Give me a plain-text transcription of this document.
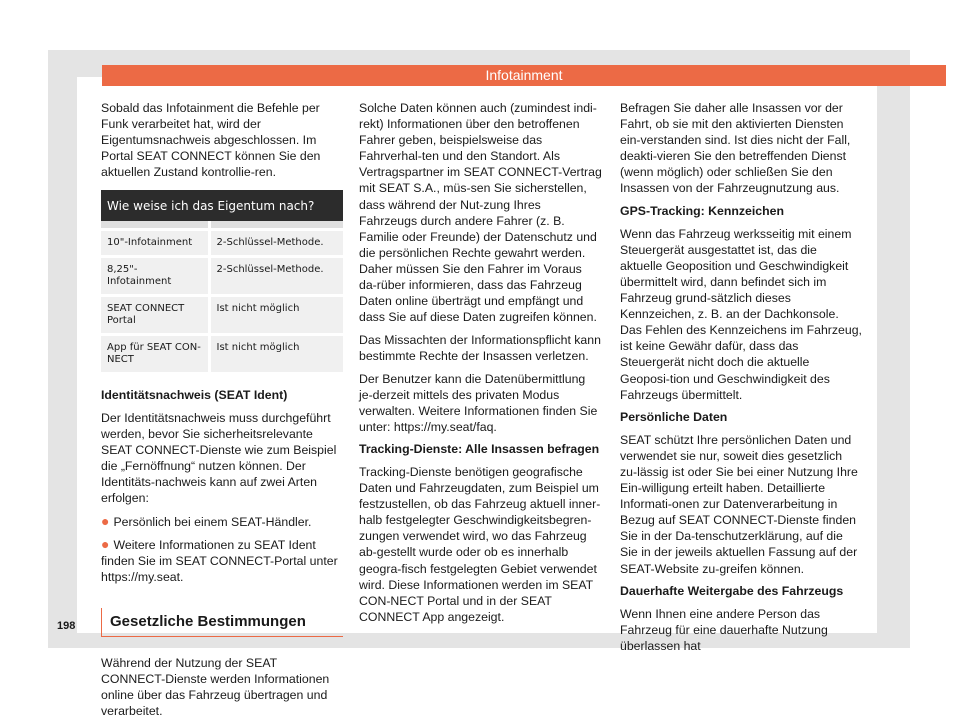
Infotainment

Sobald das Infotainment die Befehle per Funk verarbeitet hat, wird der Eigentumsnachweis abgeschlossen. Im Portal SEAT CONNECT können Sie den aktuellen Zustand kontrollie-ren.

Wie weise ich das Eigentum nach?	

10"-Infotainment	2-Schlüssel-Methode.
8,25"-Infotainment	2-Schlüssel-Methode.
SEAT CONNECT Portal	Ist nicht möglich
App für SEAT CON-NECT	Ist nicht möglich

Identitätsnachweis (SEAT Ident)

Der Identitätsnachweis muss durchgeführt werden, bevor Sie sicherheitsrelevante SEAT CONNECT-Dienste wie zum Beispiel die „Fernöffnung“ nutzen können. Der Identitäts-nachweis kann auf zwei Arten erfolgen:

● Persönlich bei einem SEAT-Händler.

● Weitere Informationen zu SEAT Ident finden Sie im SEAT CONNECT-Portal unter https://my.seat.

Gesetzliche Bestimmungen

Während der Nutzung der SEAT CONNECT-Dienste werden Informationen online über das Fahrzeug übertragen und verarbeitet.

Solche Daten können auch (zumindest indi-rekt) Informationen über den betroffenen Fahrer geben, beispielsweise das Fahrverhal-ten und den Standort. Als Vertragspartner im SEAT CONNECT-Vertrag mit SEAT S.A., müs-sen Sie sicherstellen, dass während der Nut-zung Ihres Fahrzeugs durch andere Fahrer (z. B. Familie oder Freunde) der Datenschutz und die persönlichen Rechte gewahrt werden. Daher müssen Sie den Fahrer im Voraus da-rüber informieren, dass das Fahrzeug Daten online überträgt und empfängt und dass Sie auf diese Daten zugreifen können.

Das Missachten der Informationspflicht kann bestimmte Rechte der Insassen verletzen.

Der Benutzer kann die Datenübermittlung je-derzeit mittels des privaten Modus verwalten. Weitere Informationen finden Sie unter: https://my.seat/faq.

Tracking-Dienste: Alle Insassen befragen

Tracking-Dienste benötigen geografische Daten und Fahrzeugdaten, zum Beispiel um festzustellen, ob das Fahrzeug aktuell inner-halb festgelegter Geschwindigkeitsbegren-zungen verwendet wird, wo das Fahrzeug ab-gestellt wurde oder ob es innerhalb geogra-fisch festgelegten Gebiet verwendet wird. Diese Informationen werden im SEAT CON-NECT Portal und in der SEAT CONNECT App angezeigt.

Befragen Sie daher alle Insassen vor der Fahrt, ob sie mit den aktivierten Diensten ein-verstanden sind. Ist dies nicht der Fall, deakti-vieren Sie den betreffenden Dienst (wenn möglich) oder schließen Sie den Insassen von der Fahrzeugnutzung aus.

GPS-Tracking: Kennzeichen

Wenn das Fahrzeug werksseitig mit einem Steuergerät ausgestattet ist, das die aktuelle Geoposition und Geschwindigkeit übermittelt wird, dann befindet sich im Fahrzeug grund-sätzlich dieses Kennzeichen, z. B. an der Dachkonsole. Das Fehlen des Kennzeichens im Fahrzeug, ist keine Gewähr dafür, dass das Steuergerät nicht doch die aktuelle Geoposi-tion und Geschwindigkeit des Fahrzeugs übermittelt.

Persönliche Daten

SEAT schützt Ihre persönlichen Daten und verwendet sie nur, soweit dies gesetzlich zu-lässig ist oder Sie bei einer Nutzung Ihre Ein-willigung erteilt haben. Detaillierte Informati-onen zur Datenverarbeitung in Bezug auf SEAT CONNECT-Dienste finden Sie in der Da-tenschutzerklärung, auf die Sie in der jeweils aktuellen Fassung auf der SEAT-Website zu-greifen können.

Dauerhafte Weitergabe des Fahrzeugs

Wenn Ihnen eine andere Person das Fahrzeug für eine dauerhafte Nutzung überlassen hat

198
